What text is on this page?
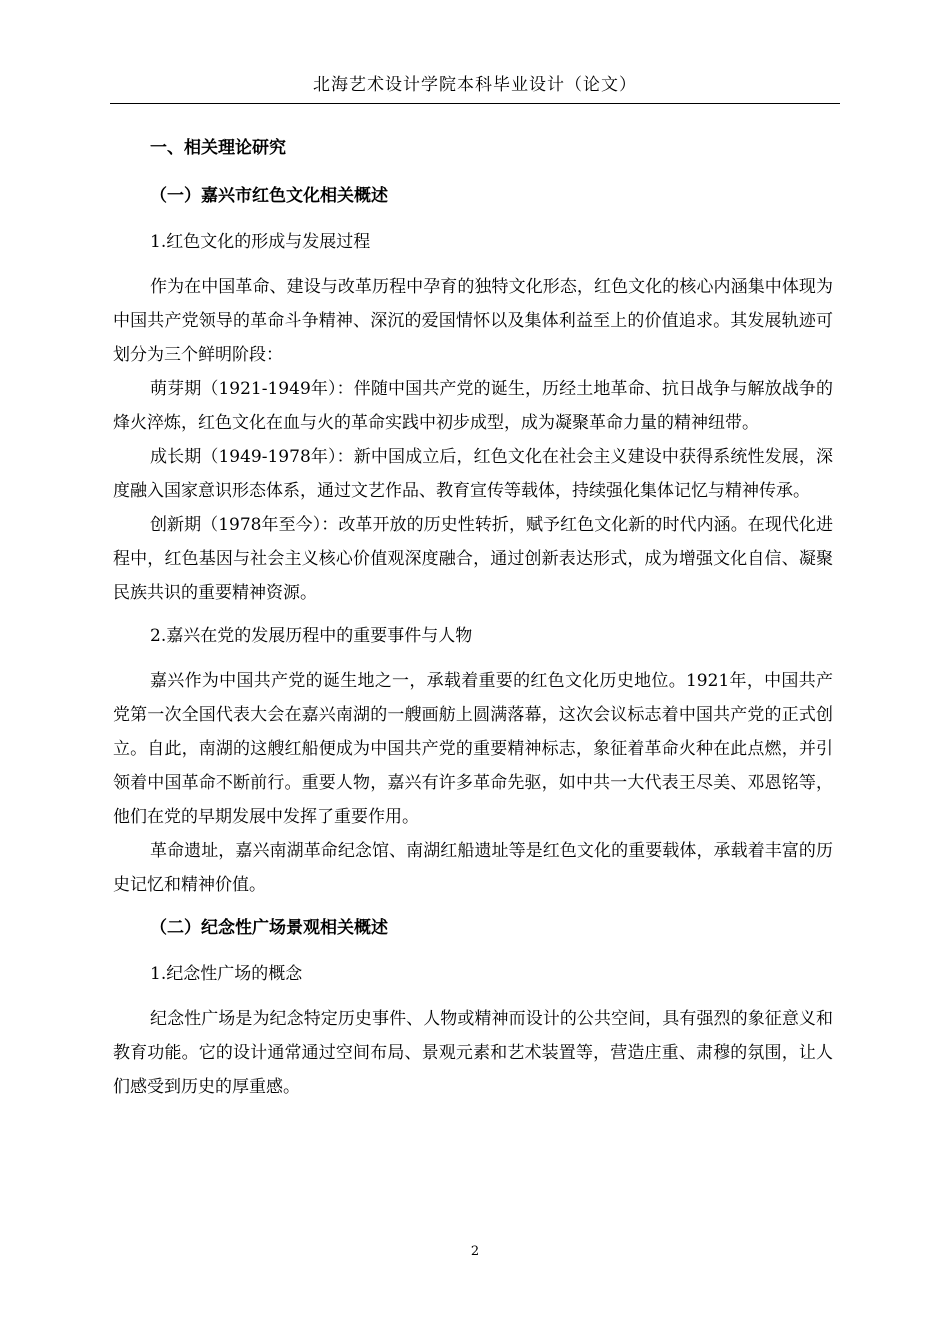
北海艺术设计学院本科毕业设计（论文）
一、相关理论研究
（一）嘉兴市红色文化相关概述
1.红色文化的形成与发展过程
作为在中国革命、建设与改革历程中孕育的独特文化形态，红色文化的核心内涵集中体现为中国共产党领导的革命斗争精神、深沉的爱国情怀以及集体利益至上的价值追求。其发展轨迹可划分为三个鲜明阶段：
萌芽期（1921-1949年）：伴随中国共产党的诞生，历经土地革命、抗日战争与解放战争的烽火淬炼，红色文化在血与火的革命实践中初步成型，成为凝聚革命力量的精神纽带。
成长期（1949-1978年）：新中国成立后，红色文化在社会主义建设中获得系统性发展，深度融入国家意识形态体系，通过文艺作品、教育宣传等载体，持续强化集体记忆与精神传承。
创新期（1978年至今）：改革开放的历史性转折，赋予红色文化新的时代内涵。在现代化进程中，红色基因与社会主义核心价值观深度融合，通过创新表达形式，成为增强文化自信、凝聚民族共识的重要精神资源。
2.嘉兴在党的发展历程中的重要事件与人物
嘉兴作为中国共产党的诞生地之一，承载着重要的红色文化历史地位。1921年，中国共产党第一次全国代表大会在嘉兴南湖的一艘画舫上圆满落幕，这次会议标志着中国共产党的正式创立。自此，南湖的这艘红船便成为中国共产党的重要精神标志，象征着革命火种在此点燃，并引领着中国革命不断前行。重要人物，嘉兴有许多革命先驱，如中共一大代表王尽美、邓恩铭等，他们在党的早期发展中发挥了重要作用。
革命遗址，嘉兴南湖革命纪念馆、南湖红船遗址等是红色文化的重要载体，承载着丰富的历史记忆和精神价值。
（二）纪念性广场景观相关概述
1.纪念性广场的概念
纪念性广场是为纪念特定历史事件、人物或精神而设计的公共空间，具有强烈的象征意义和教育功能。它的设计通常通过空间布局、景观元素和艺术装置等，营造庄重、肃穆的氛围，让人们感受到历史的厚重感。
2
